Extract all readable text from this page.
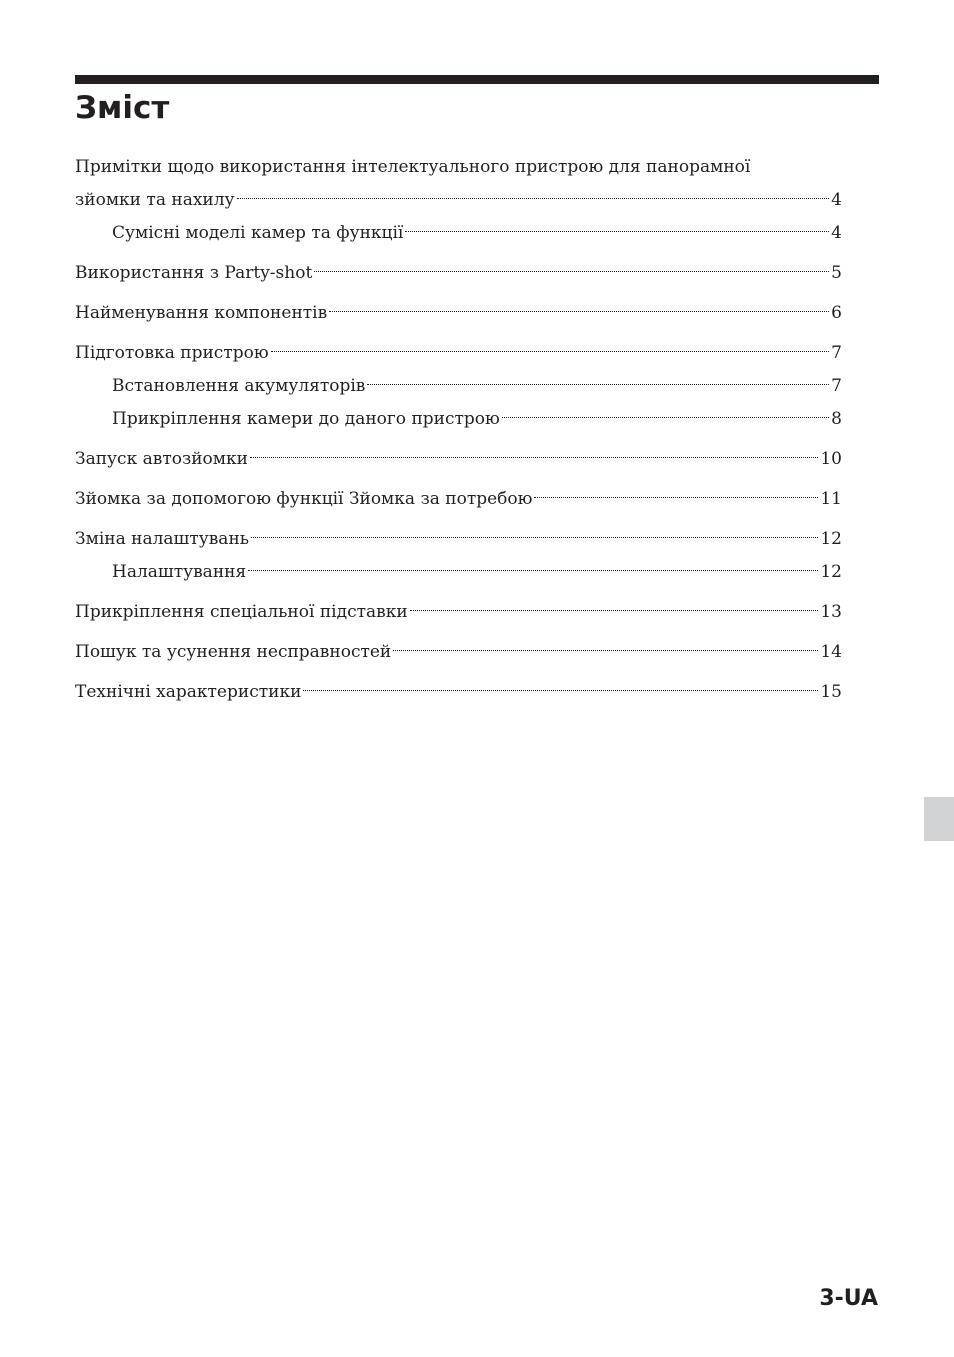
Зміст
Примітки щодо використання інтелектуального пристрою для панорамної
зйомки та нахилу	4
Сумісні моделі камер та функції	4
Використання з Party-shot	5
Найменування компонентів	6
Підготовка пристрою	7
Встановлення акумуляторів	7
Прикріплення камери до даного пристрою	8
Запуск автозйомки	10
Зйомка за допомогою функції Зйомка за потребою	11
Зміна налаштувань	12
Налаштування	12
Прикріплення спеціальної підставки	13
Пошук та усунення несправностей	14
Технічні характеристики	15
3-UA
